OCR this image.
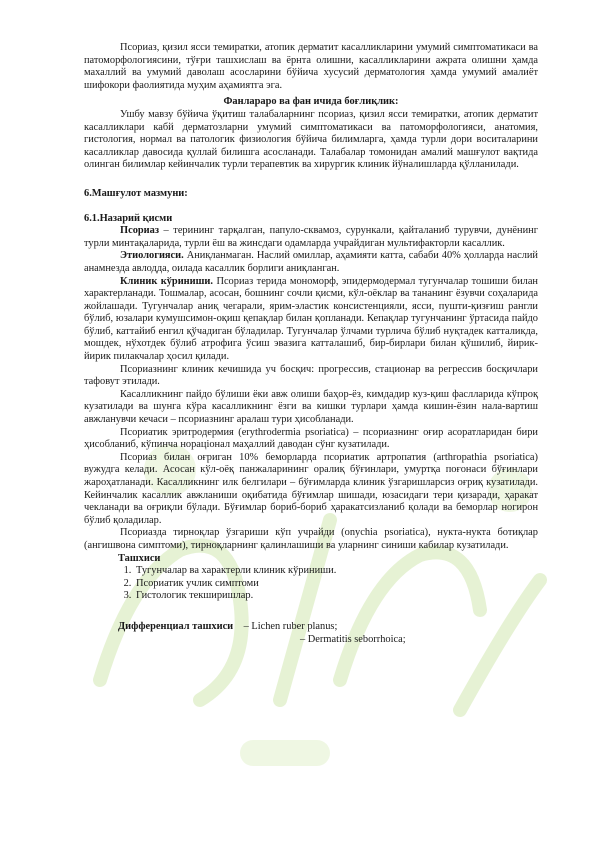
Псориаз, қизил ясси темиратки, атопик дерматит касалликларини умумий симптоматикаси ва патоморфологиясини, тўғри ташхислаш ва ёрнта олишни, касалликларини ажрата олишни ҳамда махаллий ва умумий даволаш асосларини бўйича хусусий дерматология ҳамда умумий амалиёт шифокори фаолиятида муҳим аҳамиятга эга.

Фанлараро ва фан ичида боғлиқлик:

Ушбу мавзу бўйича ўқитиш талабаларнинг псориаз, қизил ясси темиратки, атопик дерматит касалликлари кабй дерматозларни умумий симптоматикаси ва патоморфологияси, анатомия, гистология, нормал ва патологик физиология бўйича билимларга, ҳамда турли дори воситаларини касалликлар давосида қуллай билишга асосланади. Талабалар томонидан амалий машғулот вақтида олинган билимлар кейинчалик турли терапевтик ва хирургик клиник йўналишларда қўлланилади.

6.Машғулот мазмуни:

6.1.Назарий қисми

Псориаз – терининг тарқалган, папуло-сквамоз, сурункали, қайталаниб турувчи, дунёнинг турли минтақаларида, турли ёш ва жинсдаги одамларда учрайдиган мультифакторли касаллик.

Этиологияси. Аниқланмаган. Наслий омиллар, аҳамияти катта, сабаби 40% ҳолларда наслий анамнезда авлодда, оилада касаллик борлиги аниқланган.

Клиник кўриниши. Псориаз терида мономорф, эпидермодермал тугунчалар тошиши билан характерланади. Тошмалар, асосан, бошнинг сочли қисми, кўл-оёклар ва тананинг ёзувчи соҳаларида жойлашади. Тугунчалар аниқ чегарали, ярим-эластик консистенцияли, ясси, пушти-қизғиш рангли бўлиб, юзалари кумушсимон-оқиш қепақлар билан қопланади. Кепақлар тугунчанинг ўртасида пайдо бўлиб, каттайиб енгил қўчадиган бўладилар. Тугунчалар ўлчами турлича бўлиб нуқтадек катталикда, мошдек, нўхотдек бўлиб атрофига ўсиш эвазига катталашиб, бир-бирлари билан қўшилиб, йирик-йирик пилакчалар ҳосил қилади.

Псориазнинг клиник кечишида уч босқич: прогрессив, стационар ва регрессив босқичлари тафовут этилади.

Касалликнинг пайдо бўлиши ёки авж олиши баҳор-ёз, кимдадир куз-қиш фаслларида кўпроқ кузатилади ва шунга кўра касалликнинг ёзги ва кишки турлари ҳамда кишин-ёзин нала-вартиш авжланувчи кечаси – псориазнинг аралаш тури ҳисобланади.

Псориатик эритродермия (erythrodermia psoriatica) – псориазнинг оғир асоратларидан бири ҳисобланиб, кўпинча нораціонал маҳаллий даводан сўнг кузатилади.

Псориаз билан оғриган 10% беморларда псориатик артропатия (arthropathia psoriatica) вужудга келади. Асосан кўл-оёқ панжаларининг оралиқ бўғинлари, умуртқа поғонаси бўғинлари жароҳатланади. Касалликнинг илк белгилари – бўғимларда клиник ўзгаришларсиз оғриқ кузатилади. Кейинчалик касаллик авжланиши оқибатида бўғимлар шишади, юзасидаги тери қизаради, ҳаракат чекланади ва оғриқли бўлади. Бўғимлар бориб-бориб ҳаракатсизланиб қолади ва беморлар ногирон бўлиб қоладилар.

Псориазда тирноқлар ўзгариши кўп учрайди (onychia psoriatica), нукта-нукта ботиқлар (ангишвона симптоми), тирноқларнинг қалинлашиши ва уларнинг синиши кабилар кузатилади.

Ташхиси

1. Тугунчалар ва характерли клиник кўриниши.
2. Псориатик учлик симптоми
3. Гистологик текширишлар.

Дифференциал ташхиси – Lichen ruber planus;

– Dermatitis seborrhoica;
